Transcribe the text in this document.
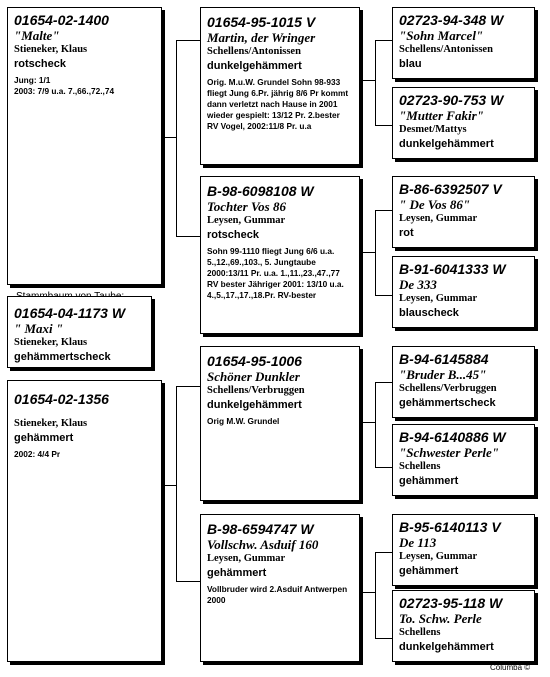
01654-02-1400
"Malte"
Stieneker, Klaus
rotscheck
Jung: 1/1
2003: 7/9 u.a. 7.,66.,72.,74
01654-04-1173 W
" Maxi "
Stieneker, Klaus
gehämmertscheck
01654-02-1356
Stieneker, Klaus
gehämmert
2002: 4/4 Pr
01654-95-1015 V
Martin, der Wringer
Schellens/Antonissen
dunkelgehämmert
Orig. M.u.W. Grundel Sohn 98-933 fliegt Jung 6.Pr. jährig 8/6 Pr kommt dann verletzt nach Hause in 2001 wieder gespielt: 13/12 Pr. 2.bester RV Vogel, 2002:11/8 Pr. u.a
B-98-6098108 W
Tochter Vos 86
Leysen, Gummar
rotscheck
Sohn 99-1110 fliegt Jung 6/6 u.a. 5.,12.,69.,103., 5. Jungtaube 2000:13/11 Pr. u.a. 1.,11.,23.,47.,77 RV bester Jähriger 2001: 13/10 u.a. 4.,5.,17.,17.,18.Pr. RV-bester
01654-95-1006
Schöner Dunkler
Schellens/Verbruggen
dunkelgehämmert
Orig M.W. Grundel
B-98-6594747 W
Vollschw. Asduif 160
Leysen, Gummar
gehämmert
Vollbruder wird 2.Asduif Antwerpen 2000
02723-94-348 W
"Sohn Marcel"
Schellens/Antonissen
blau
02723-90-753 W
"Mutter Fakir"
Desmet/Mattys
dunkelgehämmert
B-86-6392507 V
" De Vos 86"
Leysen, Gummar
rot
B-91-6041333 W
De 333
Leysen, Gummar
blauscheck
B-94-6145884
"Bruder B...45"
Schellens/Verbruggen
gehämmertscheck
B-94-6140886 W
"Schwester Perle"
Schellens
gehämmert
B-95-6140113 V
De 113
Leysen, Gummar
gehämmert
02723-95-118 W
To. Schw. Perle
Schellens
dunkelgehämmert
Columba ©
